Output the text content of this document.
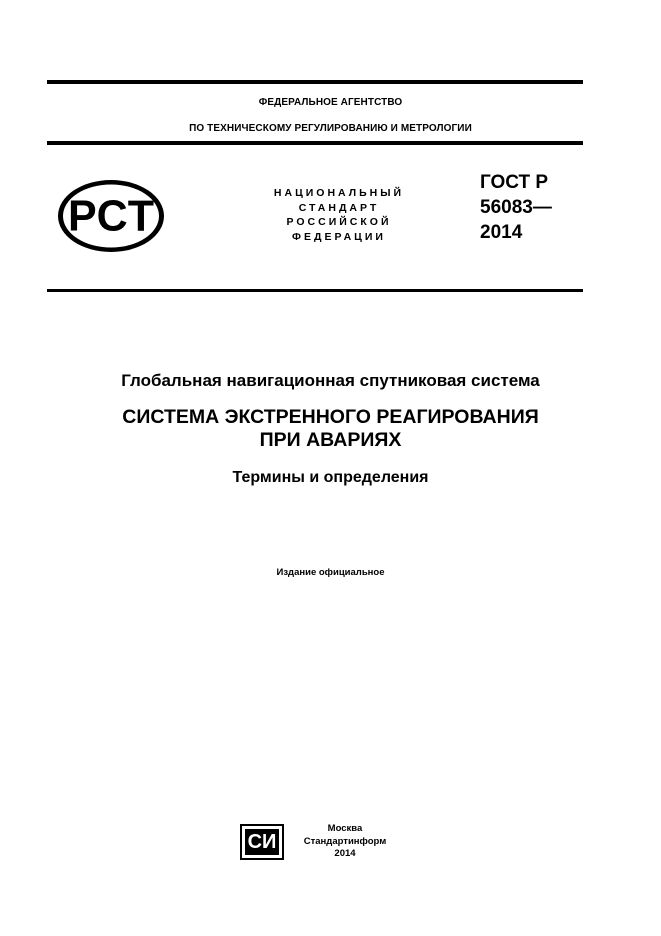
ФЕДЕРАЛЬНОЕ АГЕНТСТВО
ПО ТЕХНИЧЕСКОМУ РЕГУЛИРОВАНИЮ И МЕТРОЛОГИИ
PCT	НАЦИОНАЛЬНЫЙ
СТАНДАРТ
РОССИЙСКОЙ
ФЕДЕРАЦИИ
ГОСТ Р
56083—
2014
Глобальная навигационная спутниковая система
СИСТЕМА ЭКСТРЕННОГО РЕАГИРОВАНИЯ
ПРИ АВАРИЯХ
Термины и определения
Издание официальное
СИ
Москва
Стандартинформ
2014
